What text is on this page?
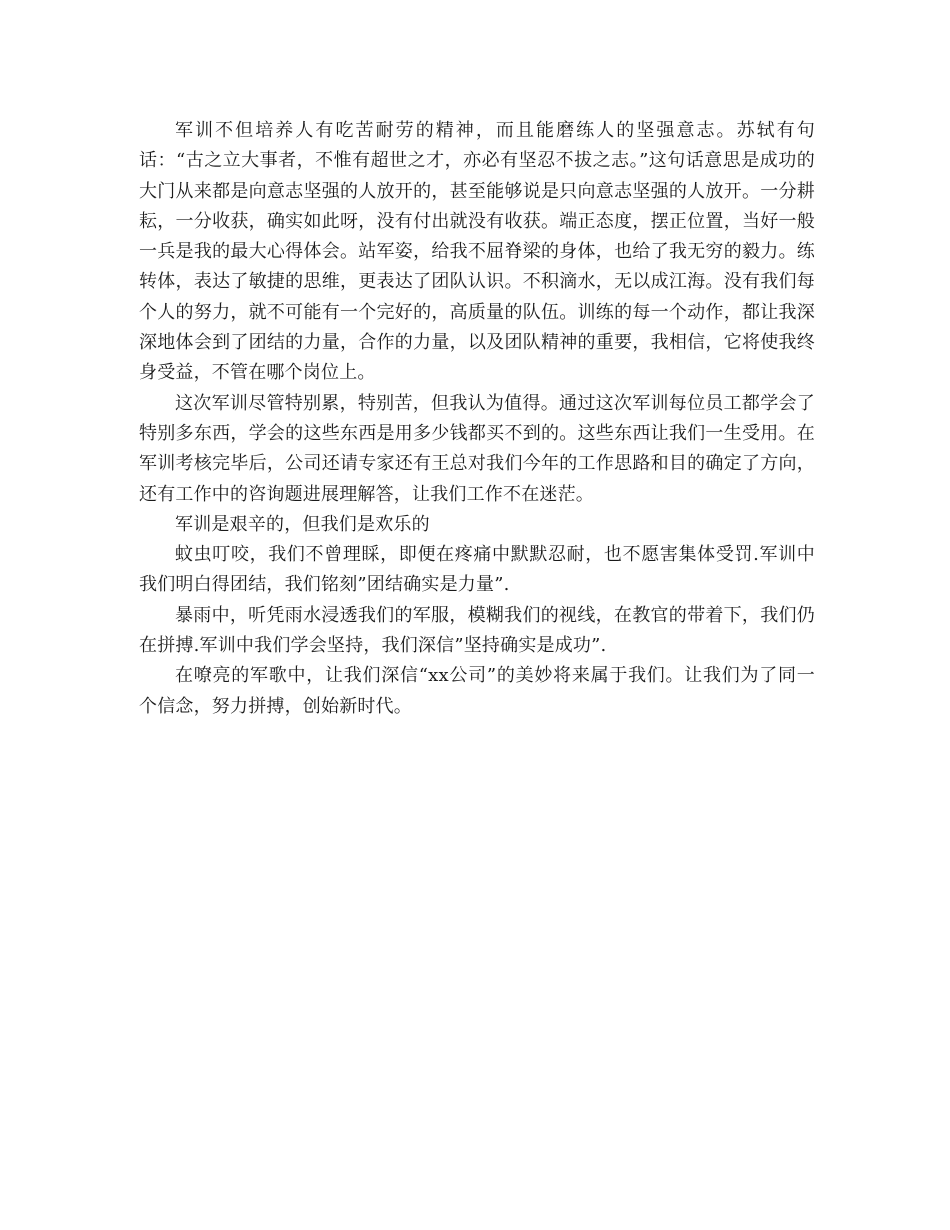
军训不但培养人有吃苦耐劳的精神，而且能磨练人的坚强意志。苏轼有句话：“古之立大事者，不惟有超世之才，亦必有坚忍不拔之志。”这句话意思是成功的大门从来都是向意志坚强的人放开的，甚至能够说是只向意志坚强的人放开。一分耕耘，一分收获，确实如此呀，没有付出就没有收获。端正态度，摆正位置，当好一般一兵是我的最大心得体会。站军姿，给我不屈脊梁的身体，也给了我无穷的毅力。练转体，表达了敏捷的思维，更表达了团队认识。不积滴水，无以成江海。没有我们每个人的努力，就不可能有一个完好的，高质量的队伍。训练的每一个动作，都让我深深地体会到了团结的力量，合作的力量，以及团队精神的重要，我相信，它将使我终身受益，不管在哪个岗位上。

这次军训尽管特别累，特别苦，但我认为值得。通过这次军训每位员工都学会了特别多东西，学会的这些东西是用多少钱都买不到的。这些东西让我们一生受用。在军训考核完毕后，公司还请专家还有王总对我们今年的工作思路和目的确定了方向，还有工作中的咨询题进展理解答，让我们工作不在迷茫。

军训是艰辛的，但我们是欢乐的

蚊虫叮咬，我们不曾理睬，即便在疼痛中默默忍耐，也不愿害集体受罚.军训中我们明白得团结，我们铭刻”团结确实是力量”.

暴雨中，听凭雨水浸透我们的军服，模糊我们的视线，在教官的带着下，我们仍在拼搏.军训中我们学会坚持，我们深信”坚持确实是成功”.

在嘹亮的军歌中，让我们深信“xx公司”的美妙将来属于我们。让我们为了同一个信念，努力拼搏，创始新时代。
